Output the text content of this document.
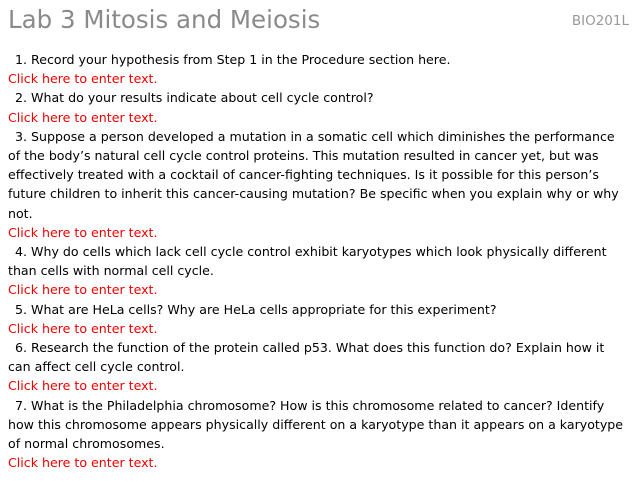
Lab 3 Mitosis and Meiosis	BIO201L

1. Record your hypothesis from Step 1 in the Procedure section here.

Click here to enter text.

2. What do your results indicate about cell cycle control?

Click here to enter text.

3. Suppose a person developed a mutation in a somatic cell which diminishes the performance of the body’s natural cell cycle control proteins. This mutation resulted in cancer yet, but was effectively treated with a cocktail of cancer-fighting techniques. Is it possible for this person’s future children to inherit this cancer-causing mutation? Be specific when you explain why or why not.

Click here to enter text.

4. Why do cells which lack cell cycle control exhibit karyotypes which look physically different than cells with normal cell cycle.

Click here to enter text.

5. What are HeLa cells? Why are HeLa cells appropriate for this experiment?

Click here to enter text.

6. Research the function of the protein called p53. What does this function do? Explain how it can affect cell cycle control.

Click here to enter text.

7. What is the Philadelphia chromosome? How is this chromosome related to cancer? Identify how this chromosome appears physically different on a karyotype than it appears on a karyotype of normal chromosomes.

Click here to enter text.
